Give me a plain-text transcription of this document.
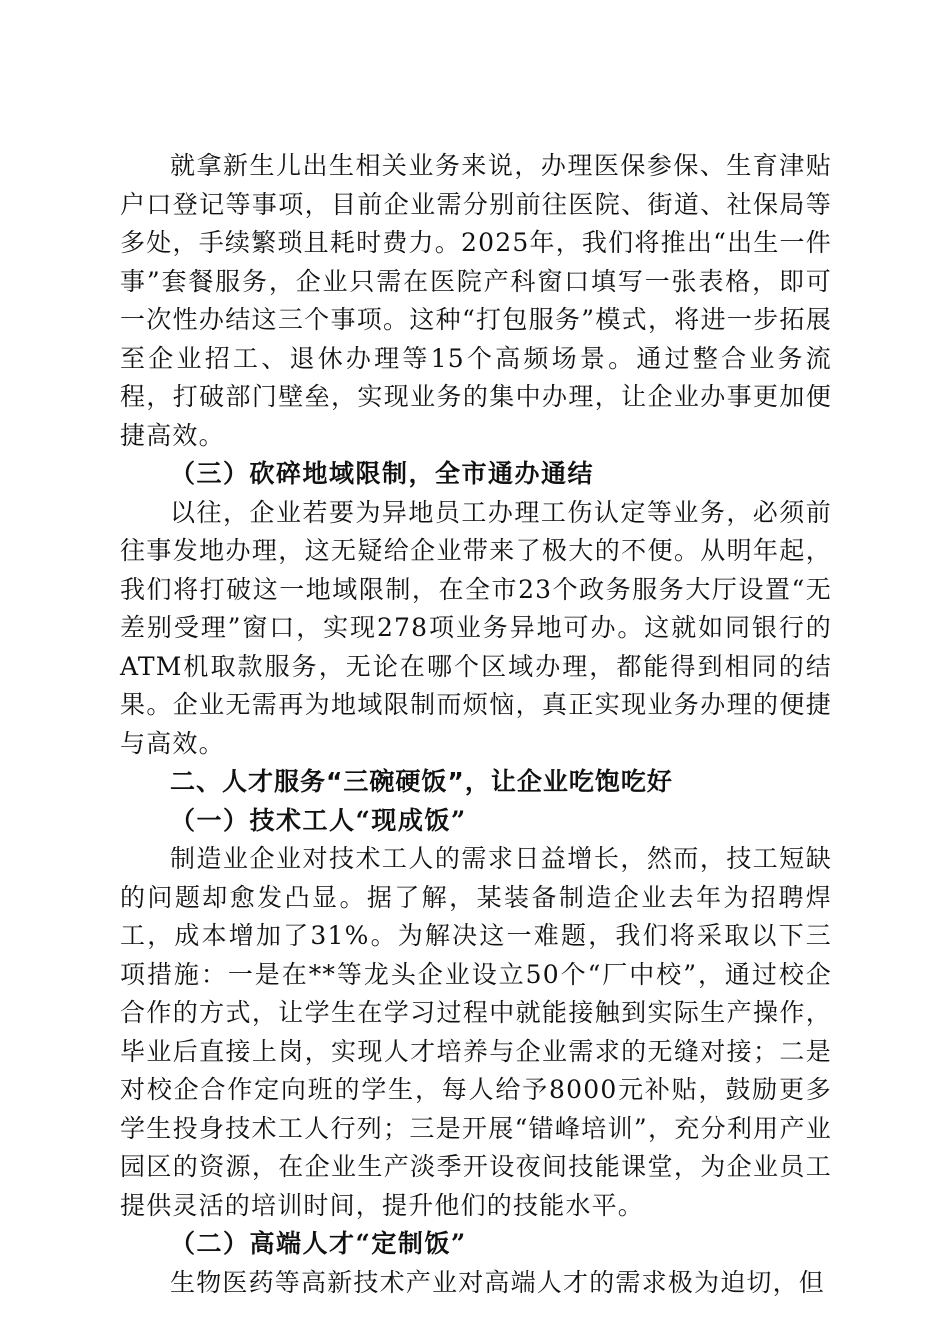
就拿新生儿出生相关业务来说，办理医保参保、生育津贴户口登记等事项，目前企业需分别前往医院、街道、社保局等多处，手续繁琐且耗时费力。2025年，我们将推出“出生一件事”套餐服务，企业只需在医院产科窗口填写一张表格，即可一次性办结这三个事项。这种“打包服务”模式，将进一步拓展至企业招工、退休办理等15个高频场景。通过整合业务流程，打破部门壁垒，实现业务的集中办理，让企业办事更加便捷高效。

（三）砍碎地域限制，全市通办通结

以往，企业若要为异地员工办理工伤认定等业务，必须前往事发地办理，这无疑给企业带来了极大的不便。从明年起，我们将打破这一地域限制，在全市23个政务服务大厅设置“无差别受理”窗口，实现278项业务异地可办。这就如同银行的ATM机取款服务，无论在哪个区域办理，都能得到相同的结果。企业无需再为地域限制而烦恼，真正实现业务办理的便捷与高效。

二、人才服务“三碗硬饭”，让企业吃饱吃好

（一）技术工人“现成饭”

制造业企业对技术工人的需求日益增长，然而，技工短缺的问题却愈发凸显。据了解，某装备制造企业去年为招聘焊工，成本增加了31%。为解决这一难题，我们将采取以下三项措施：一是在**等龙头企业设立50个“厂中校”，通过校企合作的方式，让学生在学习过程中就能接触到实际生产操作，毕业后直接上岗，实现人才培养与企业需求的无缝对接；二是对校企合作定向班的学生，每人给予8000元补贴，鼓励更多学生投身技术工人行列；三是开展“错峰培训”，充分利用产业园区的资源，在企业生产淡季开设夜间技能课堂，为企业员工提供灵活的培训时间，提升他们的技能水平。

（二）高端人才“定制饭”

生物医药等高新技术产业对高端人才的需求极为迫切，但
